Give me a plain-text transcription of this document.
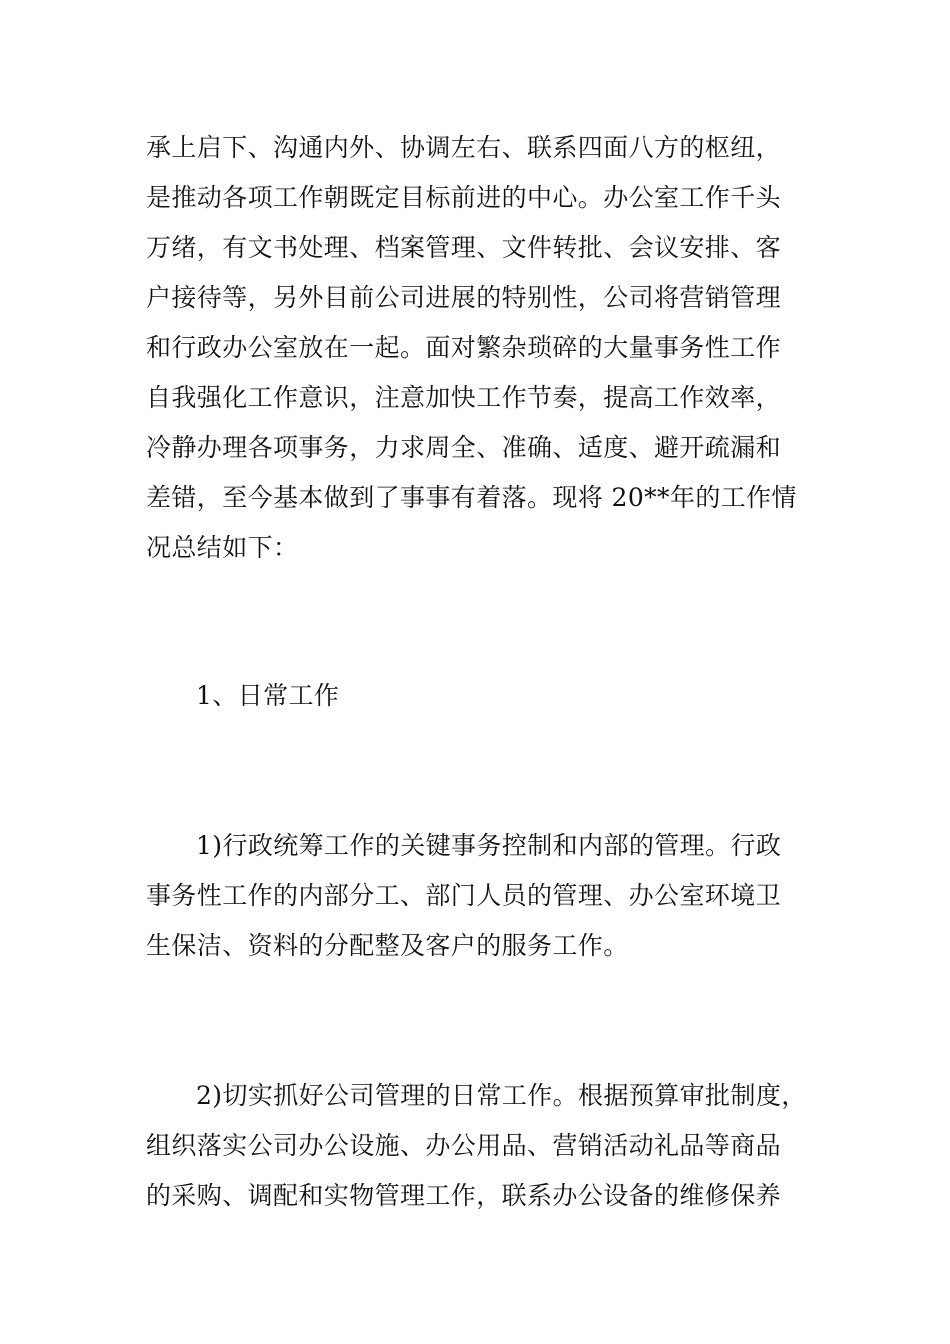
承上启下、沟通内外、协调左右、联系四面八方的枢纽，
是推动各项工作朝既定目标前进的中心。办公室工作千头
万绪，有文书处理、档案管理、文件转批、会议安排、客
户接待等，另外目前公司进展的特别性，公司将营销管理
和行政办公室放在一起。面对繁杂琐碎的大量事务性工作
自我强化工作意识，注意加快工作节奏，提高工作效率，
冷静办理各项事务，力求周全、准确、适度、避开疏漏和
差错，至今基本做到了事事有着落。现将 20**年的工作情
况总结如下：
1、日常工作
1)行政统筹工作的关键事务控制和内部的管理。行政
事务性工作的内部分工、部门人员的管理、办公室环境卫
生保洁、资料的分配整及客户的服务工作。
2)切实抓好公司管理的日常工作。根据预算审批制度，
组织落实公司办公设施、办公用品、营销活动礼品等商品
的采购、调配和实物管理工作，联系办公设备的维修保养
